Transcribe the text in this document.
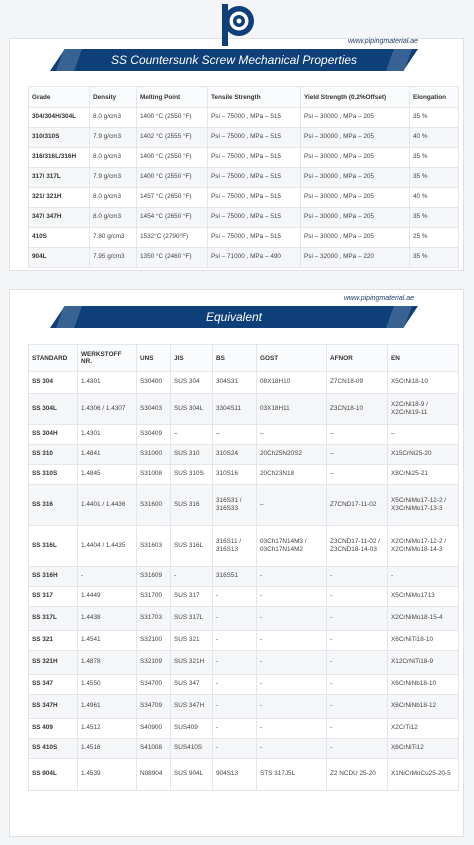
www.pipingmaterial.ae
SS Countersunk Screw Mechanical Properties
Grade	Density	Melting Point	Tensile Strength	Yield Strength (0.2%Offset)	Elongation
304/304H/304L	8.0 g/cm3	1400 °C (2550 °F)	Psi – 75000 , MPa – 515	Psi – 30000 , MPa – 205	35 %
310/310S	7.9 g/cm3	1402 °C (2555 °F)	Psi – 75000 , MPa – 515	Psi – 30000 , MPa – 205	40 %
316/316L/316H	8.0 g/cm3	1400 °C (2550 °F)	Psi – 75000 , MPa – 515	Psi – 30000 , MPa – 205	35 %
317/ 317L	7.9 g/cm3	1400 °C (2550 °F)	Psi – 75000 , MPa – 515	Psi – 30000 , MPa – 205	35 %
321/ 321H	8.0 g/cm3	1457 °C (2650 °F)	Psi – 75000 , MPa – 515	Psi – 30000 , MPa – 205	40 %
347/ 347H	8.0 g/cm3	1454 °C (2650 °F)	Psi – 75000 , MPa – 515	Psi – 30000 , MPa – 205	35 %
410S	7.80 g/cm3	1532°C (2790°F)	Psi – 75000 , MPa – 515	Psi – 30000 , MPa – 205	25 %
904L	7.95 g/cm3	1350 °C (2460 °F)	Psi – 71000 , MPa – 490	Psi – 32000 , MPa – 220	35 %
www.pipingmaterial.ae
Equivalent
STANDARD	WERKSTOFF NR.	UNS	JIS	BS	GOST	AFNOR	EN
SS 304	1.4301	S30400	SUS 304	304S31	08Х18Н10	Z7CN18‐09	X5CrNi18-10
SS 304L	1.4306 / 1.4307	S30403	SUS 304L	3304S11	03Х18Н11	Z3CN18‐10	X2CrNi18-9 / X2CrNi19-11
SS 304H	1.4301	S30409	–	–	–	–	–
SS 310	1.4841	S31000	SUS 310	310S24	20Ch25N20S2	–	X15CrNi25-20
SS 310S	1.4845	S31008	SUS 310S	310S16	20Ch23N18	–	X8CrNi25-21
SS 316	1.4401 / 1.4436	S31600	SUS 316	316S31 / 316S33	–	Z7CND17‐11‐02	X5CrNiMo17-12-2 / X3CrNiMo17-13-3
SS 316L	1.4404 / 1.4435	S31603	SUS 316L	316S11 / 316S13	03Ch17N14M3 / 03Ch17N14M2	Z3CND17‐11‐02 / Z3CND18‐14‐03	X2CrNiMo17-12-2 / X2CrNiMo18-14-3
SS 316H	-	S31609	-	316S51	-	-	-
SS 317	1.4449	S31700	SUS 317	-	-	-	X5CrNiMo1713
SS 317L	1.4438	S31703	SUS 317L	-	-	-	X2CrNiMo18-15-4
SS 321	1.4541	S32100	SUS 321	-	-	-	X6CrNiTi18-10
SS 321H	1.4878	S32109	SUS 321H	-	-	-	X12CrNiTi18-9
SS 347	1.4550	S34700	SUS 347	-	-	-	X6CrNiNb18-10
SS 347H	1.4961	S34709	SUS 347H	-	-	-	X6CrNiNb18-12
SS 409	1.4512	S40900	SUS409	-	-	-	X2CrTi12
SS 410S	1.4516	S41008	SUS410S	-	-	-	X6CrNiTi12
SS 904L	1.4539	N08904	SUS 904L	904S13	STS 317J5L	Z2 NCDU 25-20	X1NiCrMoCu25-20-5
